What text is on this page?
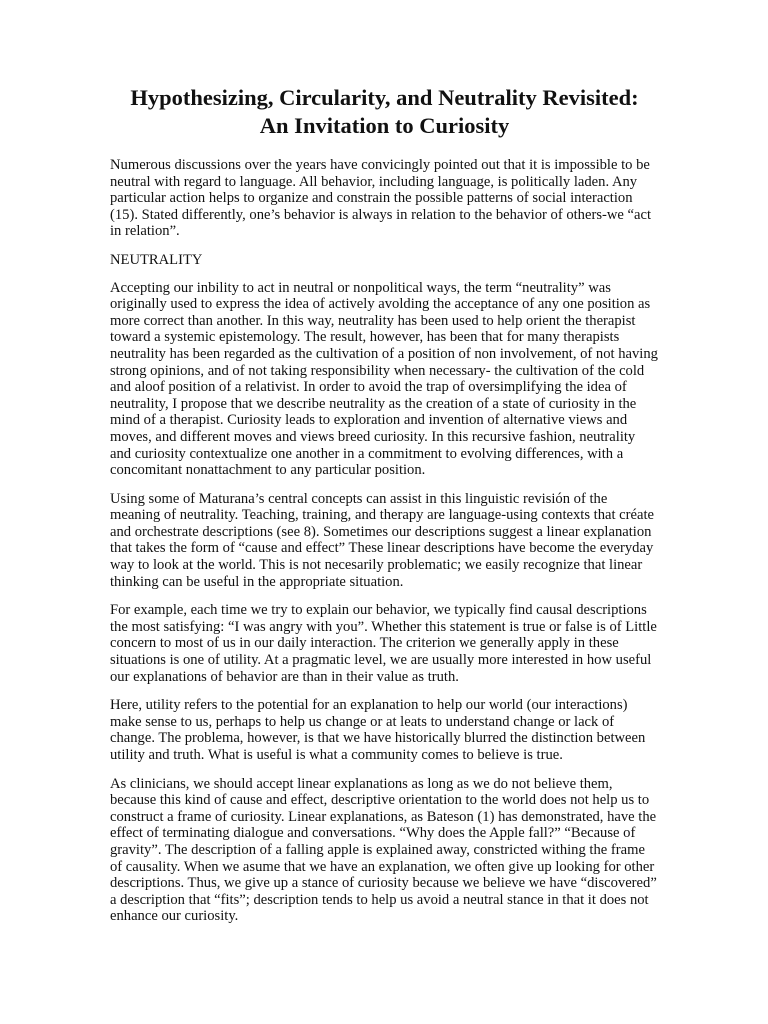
Hypothesizing, Circularity, and Neutrality Revisited:
An Invitation to Curiosity

Numerous discussions over the years have convicingly pointed out that it is impossible to be neutral with regard to language. All behavior, including language, is politically laden. Any particular action helps to organize and constrain the possible patterns of social interaction (15). Stated differently, one’s behavior is always in relation to the behavior of others-we “act in relation”.

NEUTRALITY

Accepting our inbility to act in neutral or nonpolitical ways, the term “neutrality” was originally used to express the idea of actively avolding the acceptance of any one position as more correct than another. In this way, neutrality has been used to help orient the therapist toward a systemic epistemology. The result, however, has been that for many therapists neutrality has been regarded as the cultivation of a position of non involvement, of not having strong opinions, and of not taking responsibility when necessary- the cultivation of the cold and aloof position of a relativist. In order to avoid the trap of oversimplifying the idea of neutrality, I propose that we describe neutrality as the creation of a state of curiosity in the mind of a therapist. Curiosity leads to exploration and invention of alternative views and moves, and different moves and views breed curiosity. In this recursive fashion, neutrality and curiosity contextualize one another in a commitment to evolving differences, with a concomitant nonattachment to any particular position.

Using some of Maturana’s central concepts can assist in this linguistic revisión of the meaning of neutrality. Teaching, training, and therapy are language-using contexts that créate and orchestrate descriptions (see 8). Sometimes our descriptions suggest a linear explanation that takes the form of “cause and effect” These linear descriptions have become the everyday way to look at the world. This is not necesarily problematic; we easily recognize that linear thinking can be useful in the appropriate situation.

For example, each time we try to explain our behavior, we typically find causal descriptions the most satisfying: “I was angry with you”. Whether this statement is true or false is of Little concern to most of us in our daily interaction. The criterion we generally apply in these situations is one of utility. At a pragmatic level, we are usually more interested in how useful our explanations of behavior are than in their value as truth.

Here, utility refers to the potential for an explanation to help our world (our interactions) make sense to us, perhaps to help us change or at leats to understand change or lack of change. The problema, however, is that we have historically blurred the distinction between utility and truth. What is useful is what a community comes to believe is true.

As clinicians, we should accept linear explanations as long as we do not believe them, because this kind of cause and effect, descriptive orientation to the world does not help us to construct a frame of curiosity. Linear explanations, as Bateson (1) has demonstrated, have the effect of terminating dialogue and conversations. “Why does the Apple fall?” “Because of gravity”. The description of a falling apple is explained away, constricted withing the frame of causality. When we asume that we have an explanation, we often give up looking for other descriptions. Thus, we give up a stance of curiosity because we believe we have “discovered” a description that “fits”; description tends to help us avoid a neutral stance in that it does not enhance our curiosity.
